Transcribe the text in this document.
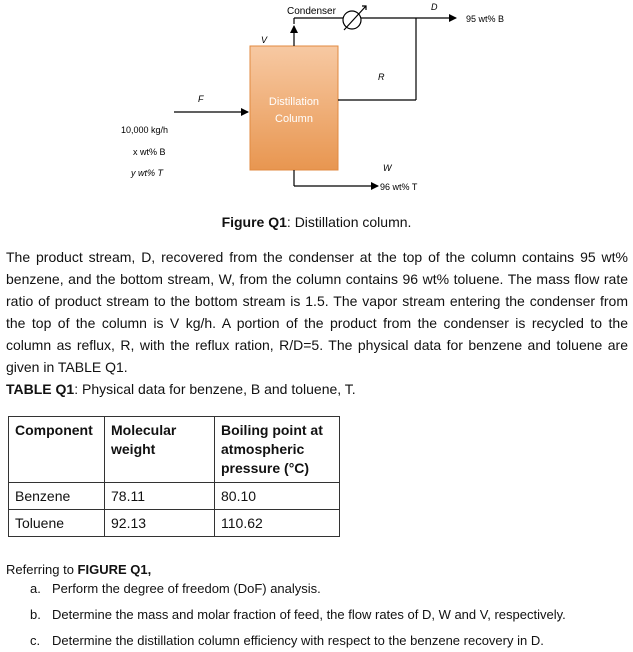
Distillation
Column
V
Condenser	D
95 wt% B
R
F
10,000 kg/h
x wt% B
y wt% T	W
96 wt% T
Figure Q1: Distillation column.
The product stream, D, recovered from the condenser at the top of the column contains 95 wt% benzene, and the bottom stream, W, from the column contains 96 wt% toluene. The mass flow rate ratio of product stream to the bottom stream is 1.5. The vapor stream entering the condenser from the top of the column is V kg/h. A portion of the product from the condenser is recycled to the column as reflux, R, with the reflux ration, R/D=5. The physical data for benzene and toluene are given in TABLE Q1.
TABLE Q1: Physical data for benzene, B and toluene, T.
Component	Molecular weight	Boiling point at atmospheric pressure (°C)
Benzene	78.11	80.10
Toluene	92.13	110.62
Referring to FIGURE Q1,
a. Perform the degree of freedom (DoF) analysis.
b. Determine the mass and molar fraction of feed, the flow rates of D, W and V, respectively.
c. Determine the distillation column efficiency with respect to the benzene recovery in D.
